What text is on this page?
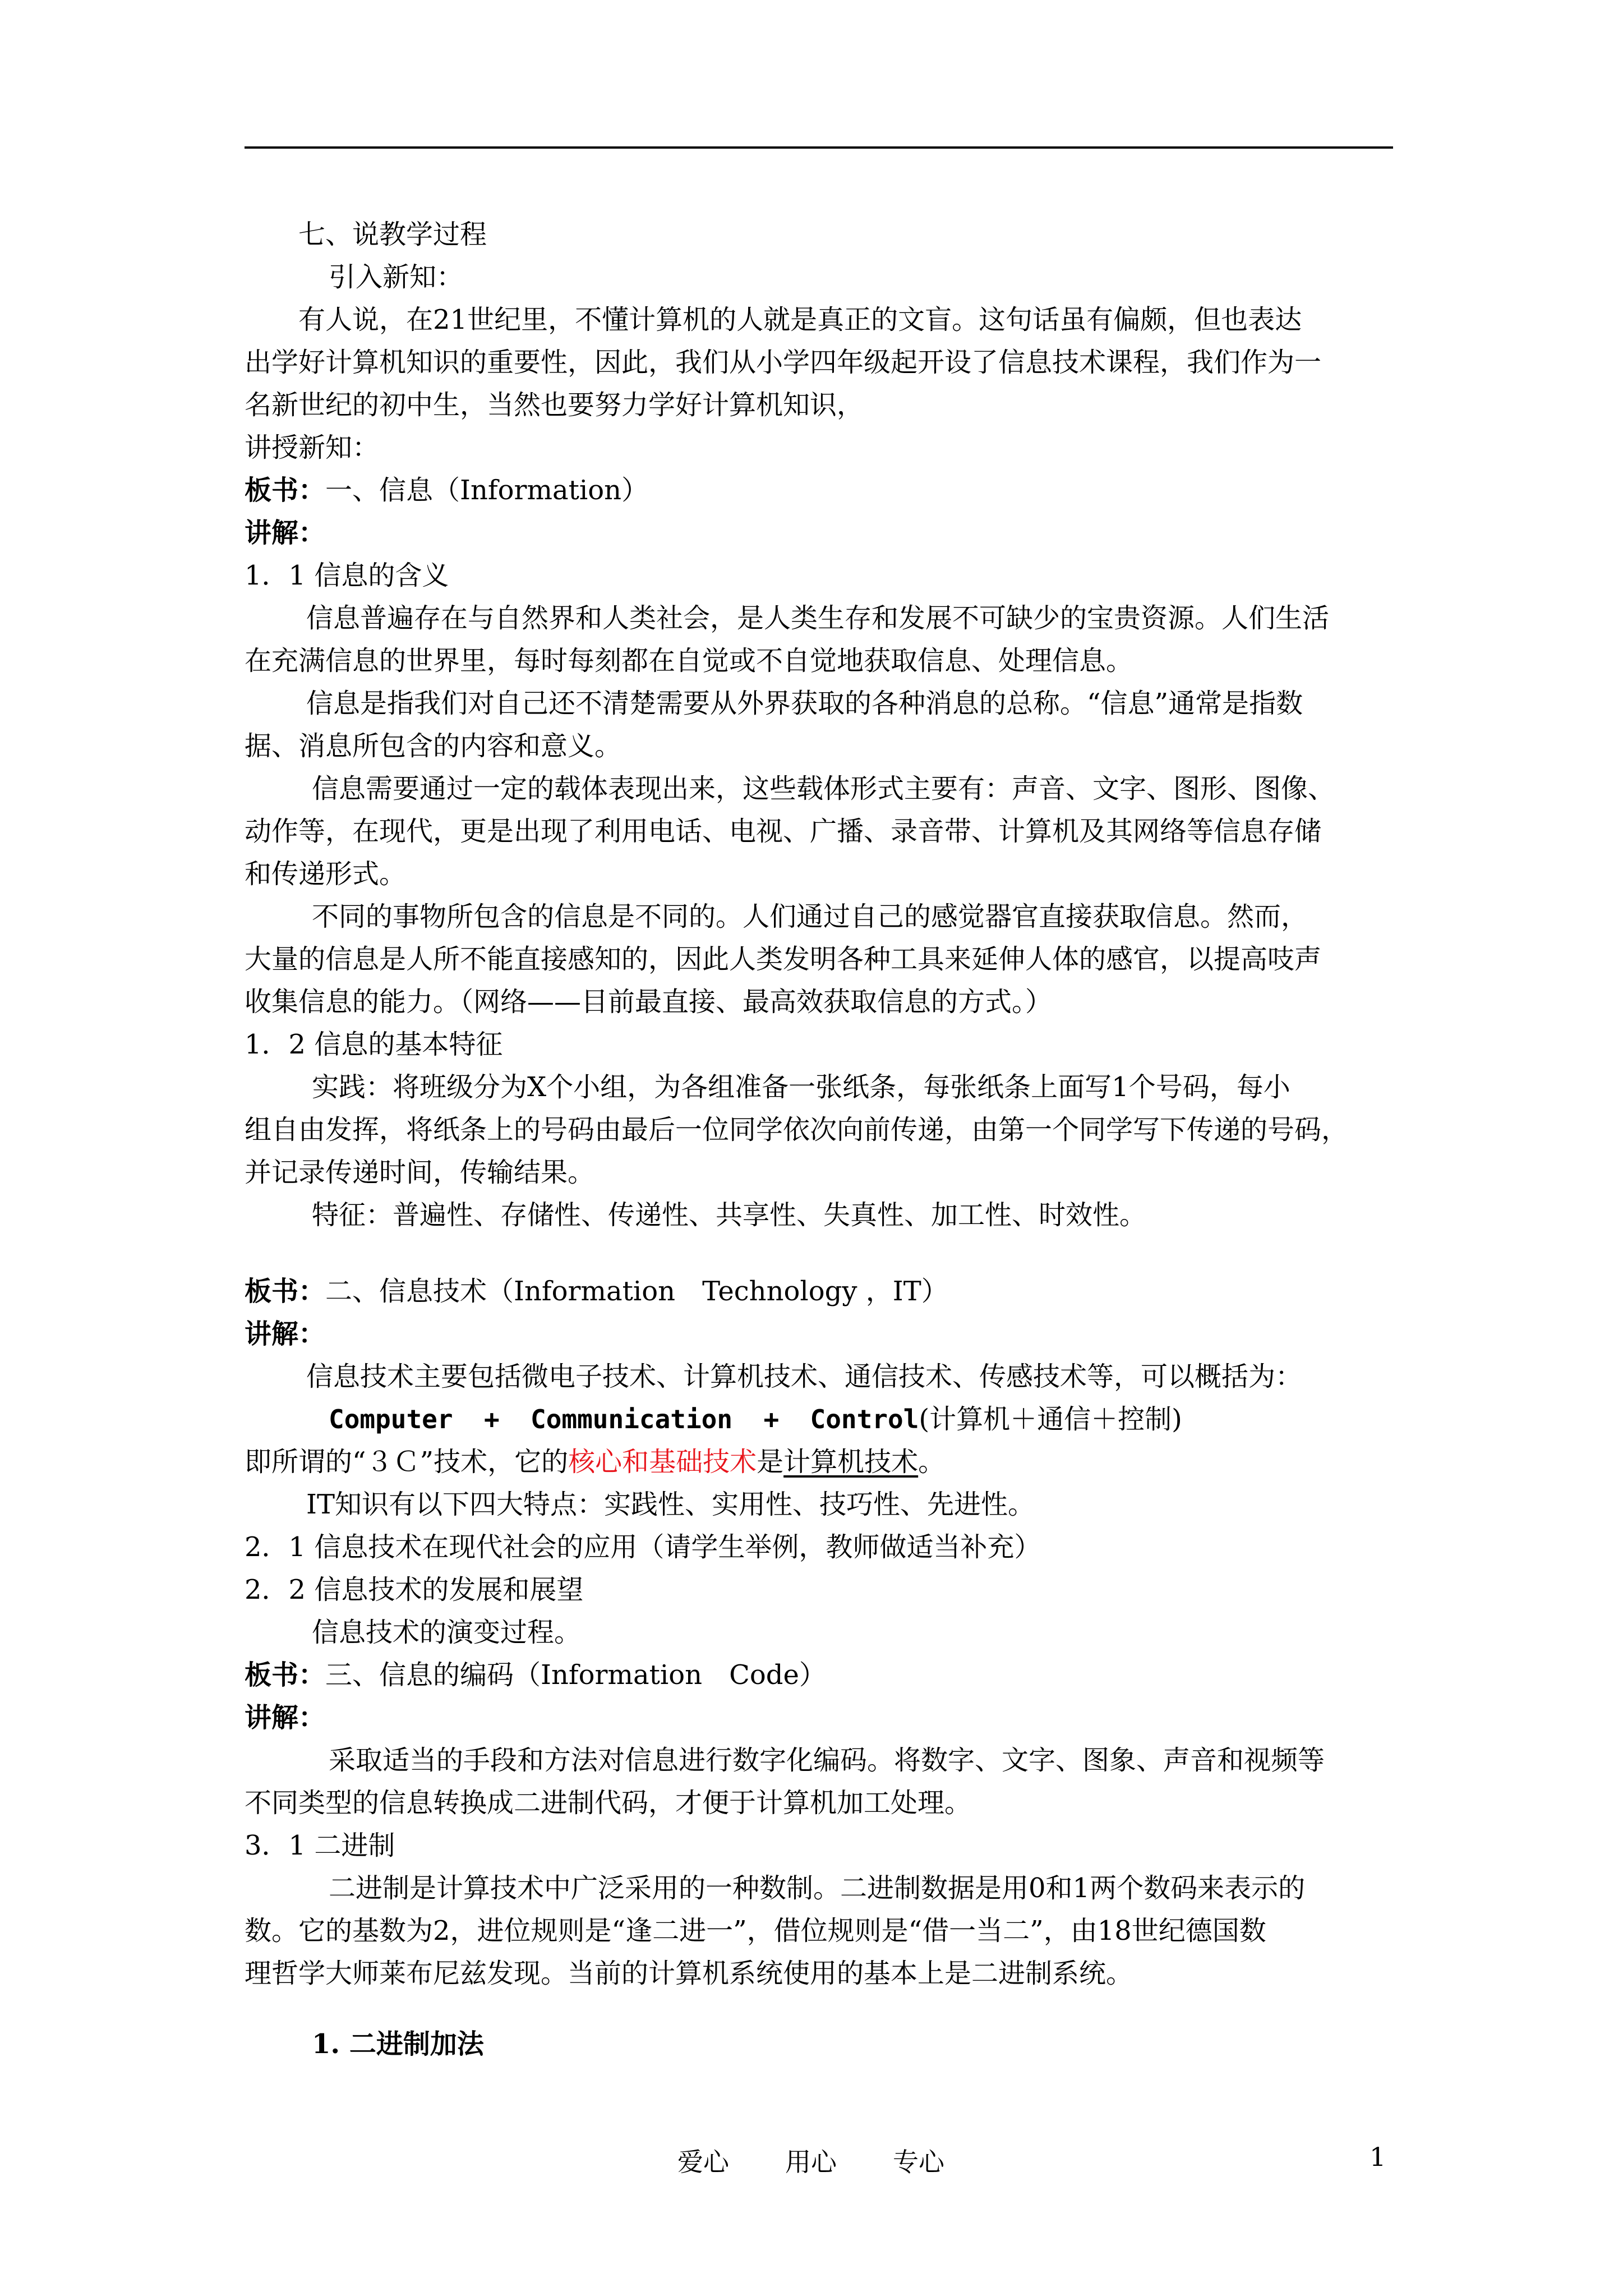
七、说教学过程

引入新知：

有人说，在21世纪里，不懂计算机的人就是真正的文盲。这句话虽有偏颇，但也表达

出学好计算机知识的重要性，因此，我们从小学四年级起开设了信息技术课程，我们作为一

名新世纪的初中生，当然也要努力学好计算机知识，

讲授新知：

板书：一、信息（Information）

讲解：

1．1 信息的含义

信息普遍存在与自然界和人类社会，是人类生存和发展不可缺少的宝贵资源。人们生活

在充满信息的世界里，每时每刻都在自觉或不自觉地获取信息、处理信息。

信息是指我们对自己还不清楚需要从外界获取的各种消息的总称。“信息”通常是指数

据、消息所包含的内容和意义。

信息需要通过一定的载体表现出来，这些载体形式主要有：声音、文字、图形、图像、

动作等，在现代，更是出现了利用电话、电视、广播、录音带、计算机及其网络等信息存储

和传递形式。

不同的事物所包含的信息是不同的。人们通过自己的感觉器官直接获取信息。然而，

大量的信息是人所不能直接感知的，因此人类发明各种工具来延伸人体的感官，以提高吱声

收集信息的能力。（网络——目前最直接、最高效获取信息的方式。）

1．2 信息的基本特征

实践：将班级分为X个小组，为各组准备一张纸条，每张纸条上面写1个号码，每小

组自由发挥，将纸条上的号码由最后一位同学依次向前传递，由第一个同学写下传递的号码，

并记录传递时间，传输结果。

特征：普遍性、存储性、传递性、共享性、失真性、加工性、时效性。

板书：二、信息技术（Information　Technology ，IT）

讲解：

信息技术主要包括微电子技术、计算机技术、通信技术、传感技术等，可以概括为：

Computer  +  Communication  +  Control(计算机＋通信＋控制)

即所谓的“３Ｃ”技术，它的核心和基础技术是计算机技术。

IT知识有以下四大特点：实践性、实用性、技巧性、先进性。

2．1 信息技术在现代社会的应用（请学生举例，教师做适当补充）

2．2 信息技术的发展和展望

信息技术的演变过程。

板书：三、信息的编码（Information　Code）

讲解：

采取适当的手段和方法对信息进行数字化编码。将数字、文字、图象、声音和视频等

不同类型的信息转换成二进制代码，才便于计算机加工处理。

3．1 二进制

二进制是计算技术中广泛采用的一种数制。二进制数据是用0和1两个数码来表示的

数。它的基数为2，进位规则是“逢二进一”，借位规则是“借一当二”，由18世纪德国数

理哲学大师莱布尼兹发现。当前的计算机系统使用的基本上是二进制系统。

1. 二进制加法

爱心 用心 专心	1
